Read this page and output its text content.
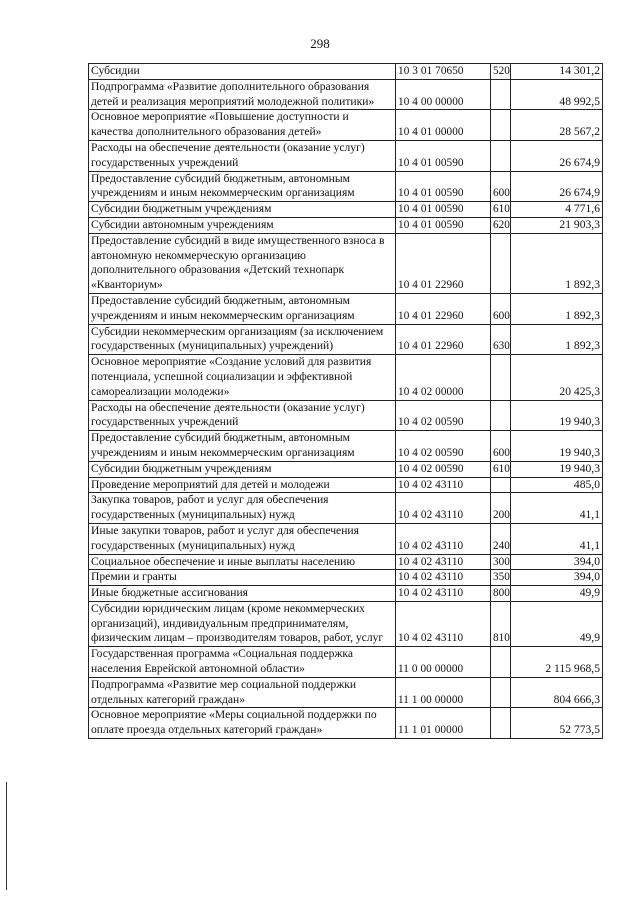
298
Субсидии	10 3 01 70650	520	14 301,2
Подпрограмма «Развитие дополнительного образования детей и реализация мероприятий молодежной политики»	10 4 00 00000		48 992,5
Основное мероприятие «Повышение доступности и качества дополнительного образования детей»	10 4 01 00000		28 567,2
Расходы на обеспечение деятельности (оказание услуг) государственных учреждений	10 4 01 00590		26 674,9
Предоставление субсидий бюджетным, автономным учреждениям и иным некоммерческим организациям	10 4 01 00590	600	26 674,9
Субсидии бюджетным учреждениям	10 4 01 00590	610	4 771,6
Субсидии автономным учреждениям	10 4 01 00590	620	21 903,3
Предоставление субсидий в виде имущественного взноса в автономную некоммерческую организацию дополнительного образования «Детский технопарк «Кванториум»	10 4 01 22960		1 892,3
Предоставление субсидий бюджетным, автономным учреждениям и иным некоммерческим организациям	10 4 01 22960	600	1 892,3
Субсидии некоммерческим организациям (за исключением государственных (муниципальных) учреждений)	10 4 01 22960	630	1 892,3
Основное мероприятие «Создание условий для развития потенциала, успешной социализации и эффективной самореализации молодежи»	10 4 02 00000		20 425,3
Расходы на обеспечение деятельности (оказание услуг) государственных учреждений	10 4 02 00590		19 940,3
Предоставление субсидий бюджетным, автономным учреждениям и иным некоммерческим организациям	10 4 02 00590	600	19 940,3
Субсидии бюджетным учреждениям	10 4 02 00590	610	19 940,3
Проведение мероприятий для детей и молодежи	10 4 02 43110		485,0
Закупка товаров, работ и услуг для обеспечения государственных (муниципальных) нужд	10 4 02 43110	200	41,1
Иные закупки товаров, работ и услуг для обеспечения государственных (муниципальных) нужд	10 4 02 43110	240	41,1
Социальное обеспечение и иные выплаты населению	10 4 02 43110	300	394,0
Премии и гранты	10 4 02 43110	350	394,0
Иные бюджетные ассигнования	10 4 02 43110	800	49,9
Субсидии юридическим лицам (кроме некоммерческих организаций), индивидуальным предпринимателям, физическим лицам – производителям товаров, работ, услуг	10 4 02 43110	810	49,9
Государственная программа «Социальная поддержка населения Еврейской автономной области»	11 0 00 00000		2 115 968,5
Подпрограмма «Развитие мер социальной поддержки отдельных категорий граждан»	11 1 00 00000		804 666,3
Основное мероприятие «Меры социальной поддержки по оплате проезда отдельных категорий граждан»	11 1 01 00000		52 773,5
